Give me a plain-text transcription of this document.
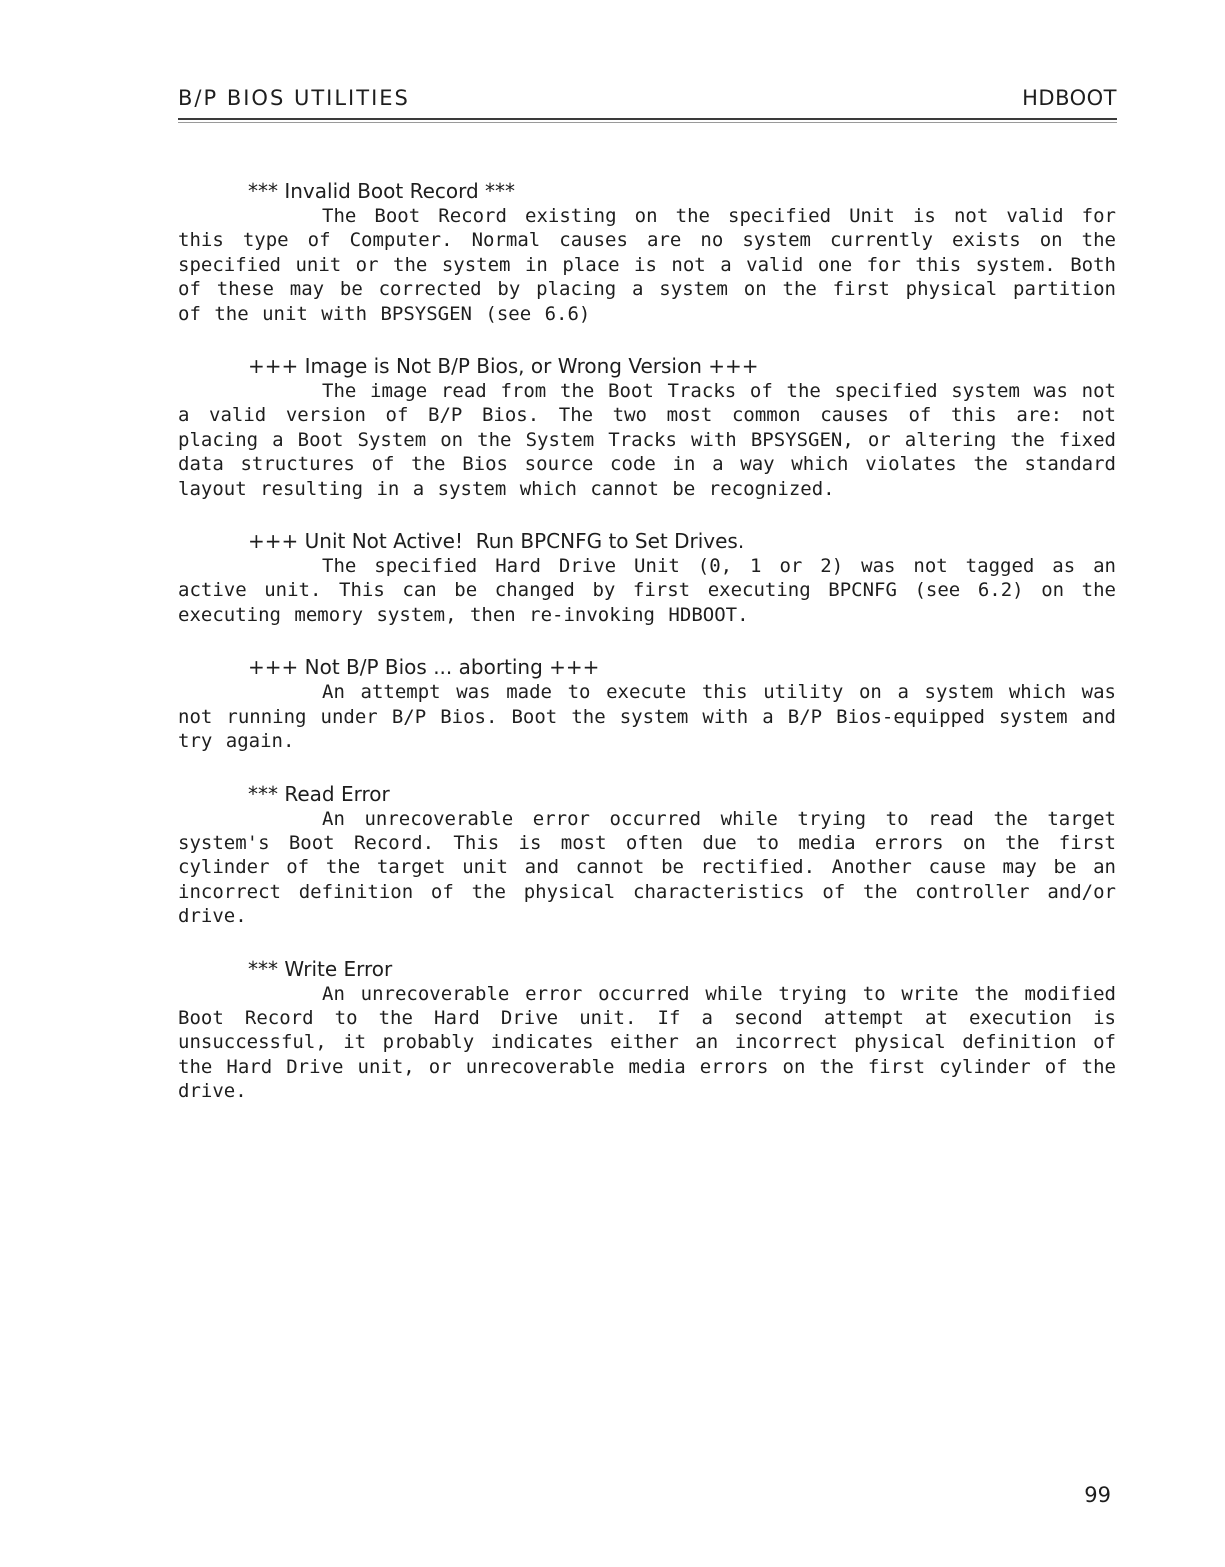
B/P BIOS UTILITIES	HDBOOT
*** Invalid Boot Record ***

The Boot Record existing on the specified Unit is not valid for this type of Computer. Normal causes are no system currently exists on the specified unit or the system in place is not a valid one for this system. Both of these may be corrected by placing a system on the first physical partition of the unit with BPSYSGEN (see 6.6)

+++ Image is Not B/P Bios, or Wrong Version +++

The image read from the Boot Tracks of the specified system was not a valid version of B/P Bios. The two most common causes of this are: not placing a Boot System on the System Tracks with BPSYSGEN, or altering the fixed data structures of the Bios source code in a way which violates the standard layout resulting in a system which cannot be recognized.

+++ Unit Not Active!  Run BPCNFG to Set Drives.

The specified Hard Drive Unit (0, 1 or 2) was not tagged as an active unit. This can be changed by first executing BPCNFG (see 6.2) on the executing memory system, then re-invoking HDBOOT.

+++ Not B/P Bios ... aborting +++

An attempt was made to execute this utility on a system which was not running under B/P Bios. Boot the system with a B/P Bios-equipped system and try again.

*** Read Error

An unrecoverable error occurred while trying to read the target system's Boot Record. This is most often due to media errors on the first cylinder of the target unit and cannot be rectified. Another cause may be an incorrect definition of the physical characteristics of the controller and/or drive.

*** Write Error

An unrecoverable error occurred while trying to write the modified Boot Record to the Hard Drive unit. If a second attempt at execution is unsuccessful, it probably indicates either an incorrect physical definition of the Hard Drive unit, or unrecoverable media errors on the first cylinder of the drive.

99
